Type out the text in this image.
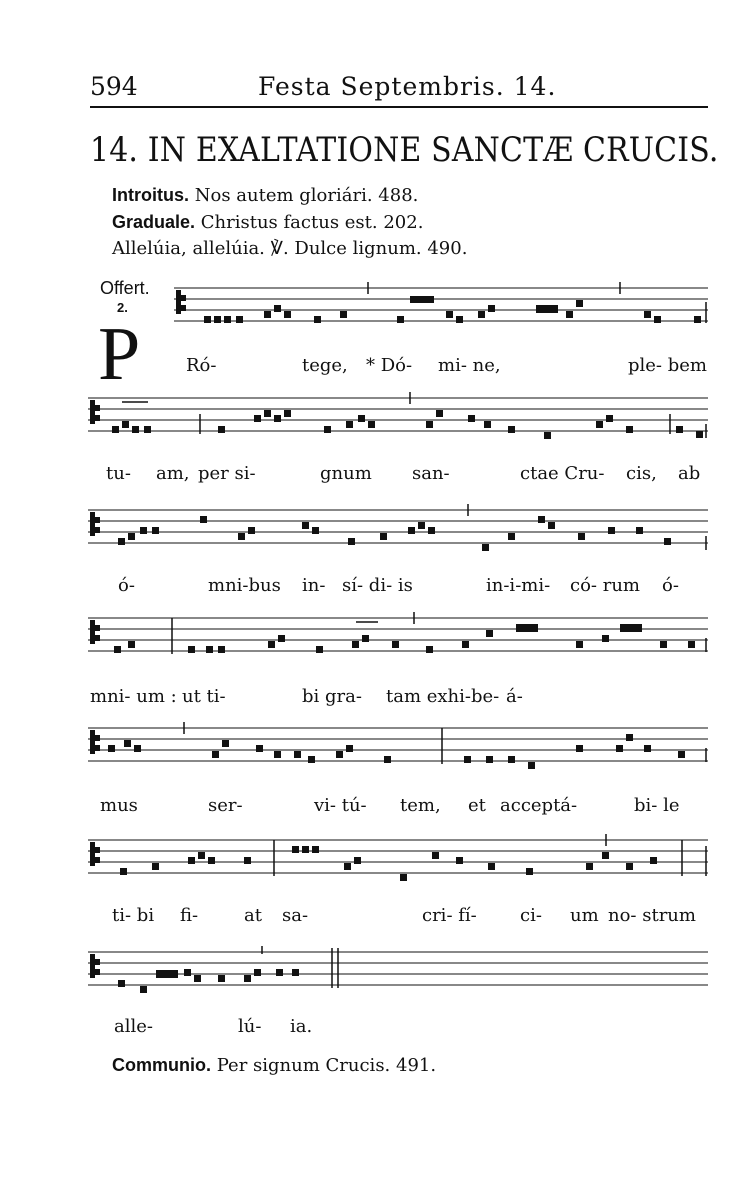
594	Festa Septembris. 14.
14. IN EXALTATIONE SANCTÆ CRUCIS.
Introitus. Nos autem gloriári. 488.
Graduale. Christus factus est. 202.
Allelúia, allelúia. ℣. Dulce lignum. 490.
Offert.
2.
P	Ró-	tege, * Dó- mi- ne,	ple- bem
tu- am, per si-	gnum san-	ctae Cru- cis, ab
ó-	mni-bus in- sí- di- is	in-i-mi- có- rum ó-
mni- um : ut ti-	bi gra- tam exhi-be- á-
mus	ser-	vi- tú- tem, et acceptá-	bi- le
ti- bi fi-	at sa-	cri- fí- ci- um no- strum
alle-	lú- ia.
Communio. Per signum Crucis. 491.
